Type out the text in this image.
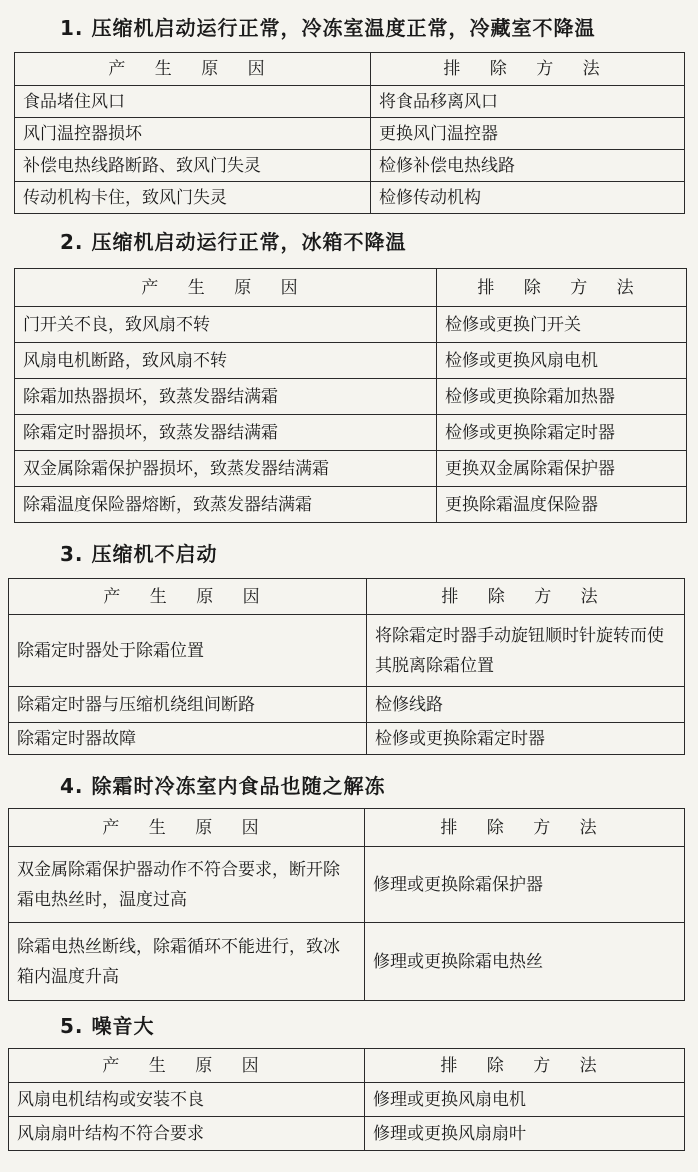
1. 压缩机启动运行正常，冷冻室温度正常，冷藏室不降温
产 生 原 因	排 除 方 法
食品堵住风口	将食品移离风口
风门温控器损坏	更换风门温控器
补偿电热线路断路、致风门失灵	检修补偿电热线路
传动机构卡住，致风门失灵	检修传动机构
2. 压缩机启动运行正常，冰箱不降温
产 生 原 因	排 除 方 法
门开关不良，致风扇不转	检修或更换门开关
风扇电机断路，致风扇不转	检修或更换风扇电机
除霜加热器损坏，致蒸发器结满霜	检修或更换除霜加热器
除霜定时器损坏，致蒸发器结满霜	检修或更换除霜定时器
双金属除霜保护器损坏，致蒸发器结满霜	更换双金属除霜保护器
除霜温度保险器熔断，致蒸发器结满霜	更换除霜温度保险器
3. 压缩机不启动
产 生 原 因	排 除 方 法
除霜定时器处于除霜位置	将除霜定时器手动旋钮顺时针旋转而使其脱离除霜位置
除霜定时器与压缩机绕组间断路	检修线路
除霜定时器故障	检修或更换除霜定时器
4. 除霜时冷冻室内食品也随之解冻
产 生 原 因	排 除 方 法
双金属除霜保护器动作不符合要求，断开除霜电热丝时，温度过高	修理或更换除霜保护器
除霜电热丝断线，除霜循环不能进行，致冰箱内温度升高	修理或更换除霜电热丝
5. 噪音大
产 生 原 因	排 除 方 法
风扇电机结构或安装不良	修理或更换风扇电机
风扇扇叶结构不符合要求	修理或更换风扇扇叶
